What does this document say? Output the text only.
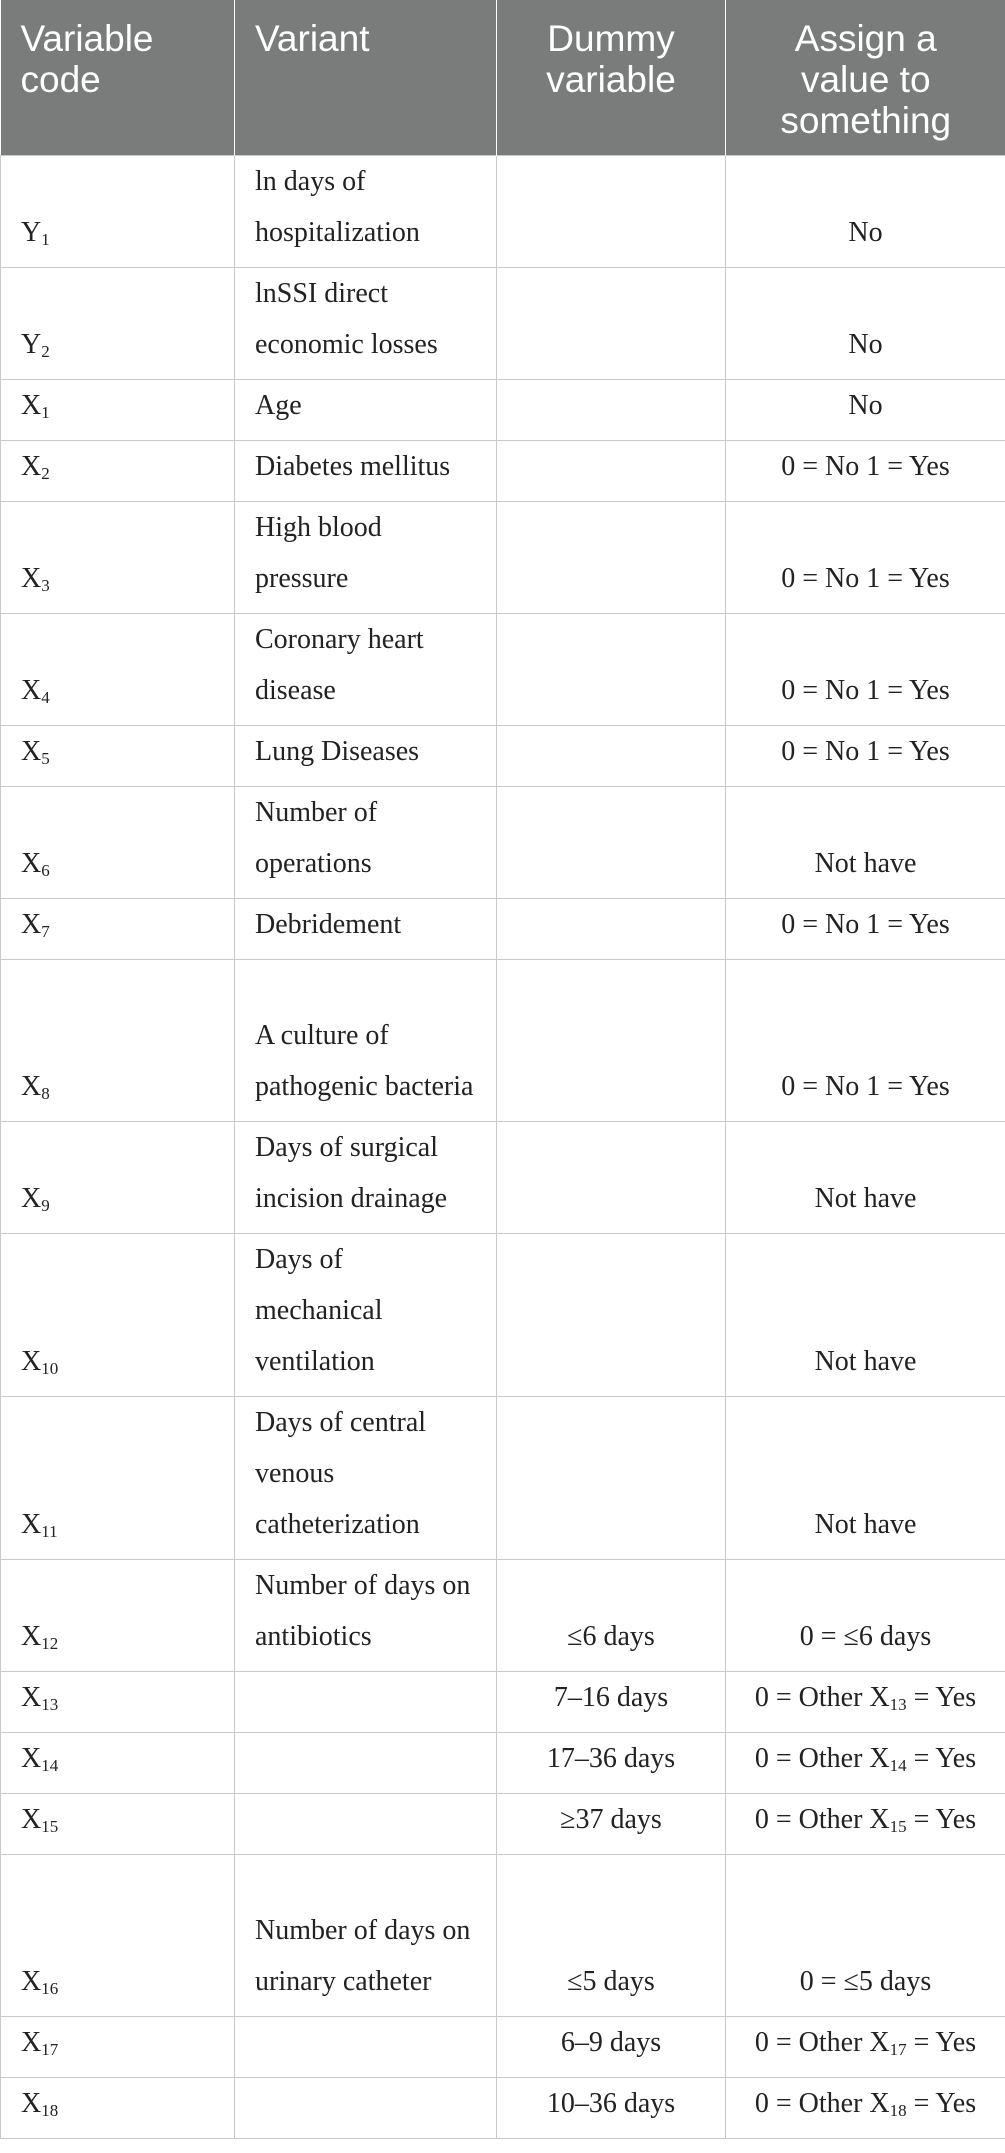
Variable code	Variant	Dummy variable	Assign a value to something
$Y_1$	ln days of hospitalization		No
$Y_2$	lnSSI direct economic losses		No
$X_1$	Age		No
$X_2$	Diabetes mellitus		0 = No 1 = Yes
$X_3$	High blood pressure		0 = No 1 = Yes
$X_4$	Coronary heart disease		0 = No 1 = Yes
$X_5$	Lung Diseases		0 = No 1 = Yes
$X_6$	Number of operations		Not have
$X_7$	Debridement		0 = No 1 = Yes
$X_8$	A culture of pathogenic bacteria		0 = No 1 = Yes
$X_9$	Days of surgical incision drainage		Not have
$X_{10}$	Days of mechanical ventilation		Not have
$X_{11}$	Days of central venous catheterization		Not have
$X_{12}$	Number of days on antibiotics	≤6 days	0 = ≤6 days
$X_{13}$		7–16 days	0 = Other $X_{13}$ = Yes
$X_{14}$		17–36 days	0 = Other $X_{14}$ = Yes
$X_{15}$		≥37 days	0 = Other $X_{15}$ = Yes
$X_{16}$	Number of days on urinary catheter	≤5 days	0 = ≤5 days
$X_{17}$		6–9 days	0 = Other $X_{17}$ = Yes
$X_{18}$		10–36 days	0 = Other $X_{18}$ = Yes
